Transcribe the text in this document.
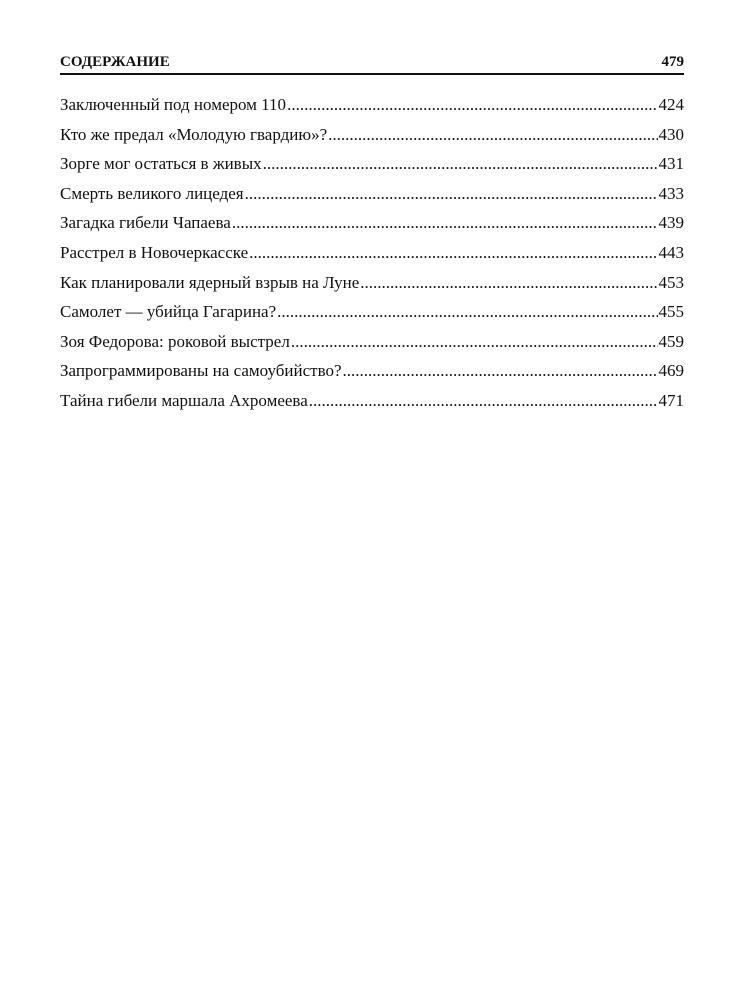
СОДЕРЖАНИЕ	479
Заключенный под номером 110 .....	424
Кто же предал «Молодую гвардию»? .....	430
Зорге мог остаться в живых .....	431
Смерть великого лицедея .....	433
Загадка гибели Чапаева .....	439
Расстрел в Новочеркасске .....	443
Как планировали ядерный взрыв на Луне .....	453
Самолет — убийца Гагарина? .....	455
Зоя Федорова: роковой выстрел .....	459
Запрограммированы на самоубийство? .....	469
Тайна гибели маршала Ахромеева .....	471
